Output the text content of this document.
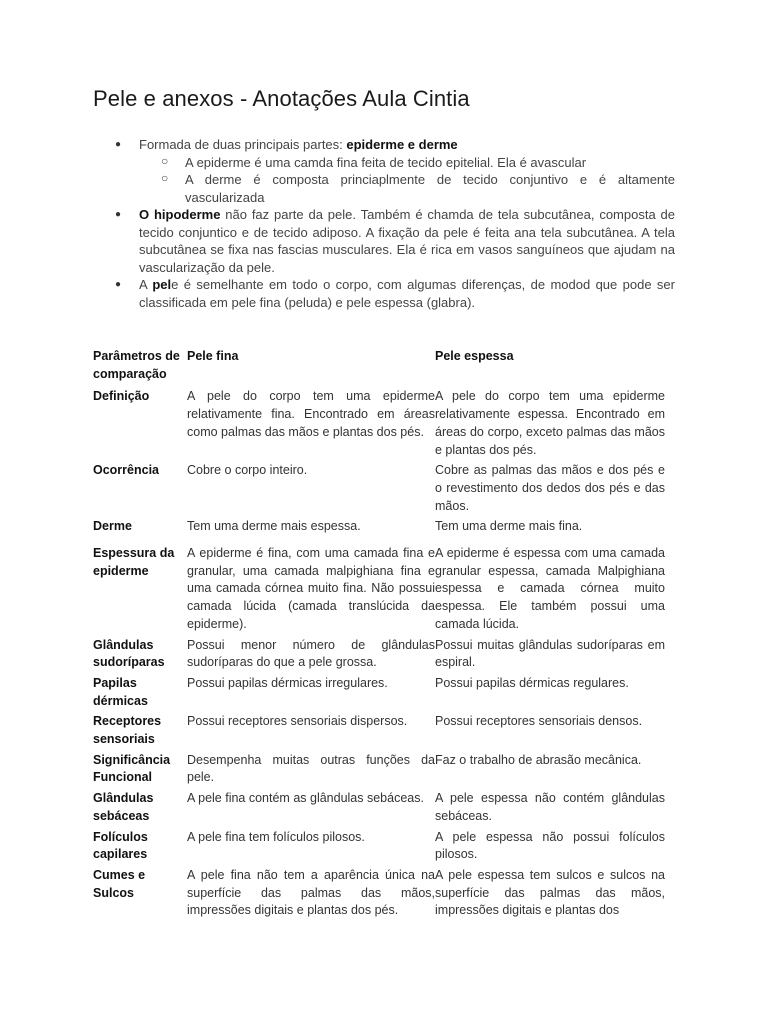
Pele e anexos - Anotações Aula Cintia
● Formada de duas principais partes: epiderme e derme
○ A epiderme é uma camda fina feita de tecido epitelial. Ela é avascular
○ A derme é composta princiaplmente de tecido conjuntivo e é altamente vascularizada
● O hipoderme não faz parte da pele. Também é chamda de tela subcutânea, composta de tecido conjuntico e de tecido adiposo. A fixação da pele é feita ana tela subcutânea. A tela subcutânea se fixa nas fascias musculares. Ela é rica em vasos sanguíneos que ajudam na vascularização da pele.
● A pele é semelhante em todo o corpo, com algumas diferenças, de modod que pode ser classificada em pele fina (peluda) e pele espessa (glabra).
Parâmetros de comparação	Pele fina	Pele espessa
Definição	A pele do corpo tem uma epiderme relativamente fina. Encontrado em áreas como palmas das mãos e plantas dos pés.	A pele do corpo tem uma epiderme relativamente espessa. Encontrado em áreas do corpo, exceto palmas das mãos e plantas dos pés.
Ocorrência	Cobre o corpo inteiro.	Cobre as palmas das mãos e dos pés e o revestimento dos dedos dos pés e das mãos.
Derme	Tem uma derme mais espessa.	Tem uma derme mais fina.
Espessura da epiderme	A epiderme é fina, com uma camada fina e granular, uma camada malpighiana fina e uma camada córnea muito fina. Não possui camada lúcida (camada translúcida da epiderme).	A epiderme é espessa com uma camada granular espessa, camada Malpighiana espessa e camada córnea muito espessa. Ele também possui uma camada lúcida.
Glândulas sudoríparas	Possui menor número de glândulas sudoríparas do que a pele grossa.	Possui muitas glândulas sudoríparas em espiral.
Papilas dérmicas	Possui papilas dérmicas irregulares.	Possui papilas dérmicas regulares.
Receptores sensoriais	Possui receptores sensoriais dispersos.	Possui receptores sensoriais densos.
Significância Funcional	Desempenha muitas outras funções da pele.	Faz o trabalho de abrasão mecânica.
Glândulas sebáceas	A pele fina contém as glândulas sebáceas.	A pele espessa não contém glândulas sebáceas.
Folículos capilares	A pele fina tem folículos pilosos.	A pele espessa não possui folículos pilosos.
Cumes e Sulcos	A pele fina não tem a aparência única na superfície das palmas das mãos, impressões digitais e plantas dos pés.	A pele espessa tem sulcos e sulcos na superfície das palmas das mãos, impressões digitais e plantas dos
